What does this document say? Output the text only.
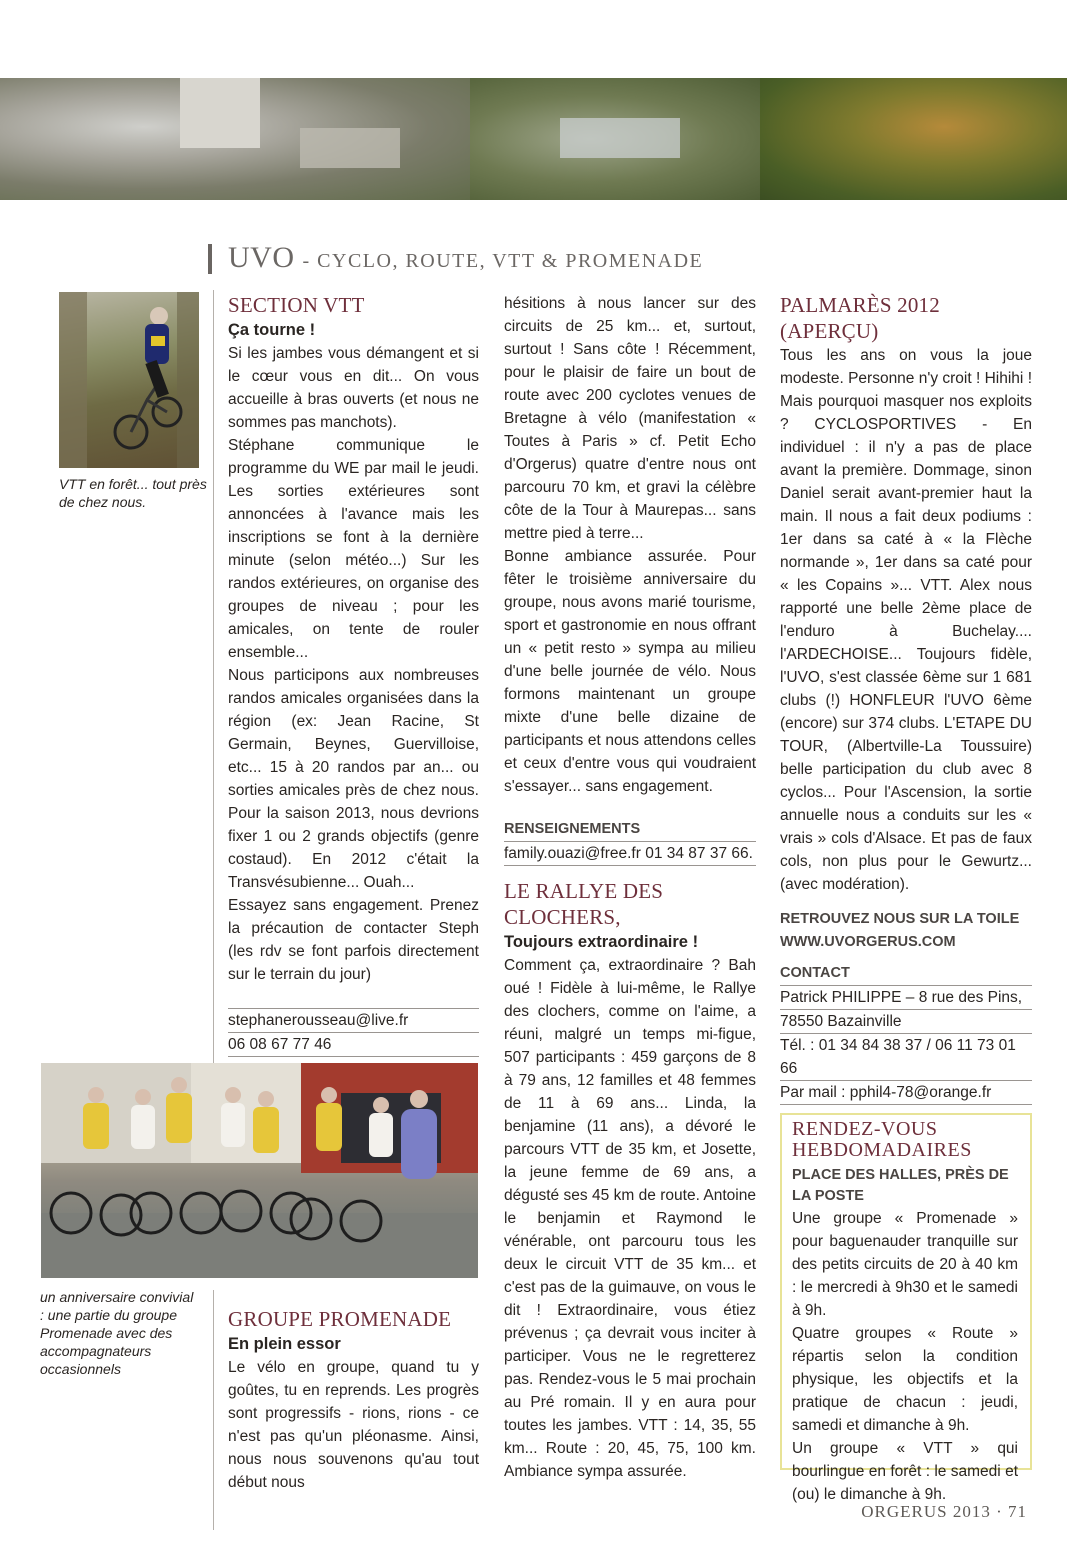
UVO - CYCLO, ROUTE, VTT & PROMENADE
VTT en forêt... tout près de chez nous.
un anniversaire convivial : une partie du groupe Promenade avec des accompagnateurs occasionnels
SECTION VTT
Ça tourne !

Si les jambes vous démangent et si le cœur vous en dit... On vous accueille à bras ouverts (et nous ne sommes pas manchots).

Stéphane communique le programme du WE par mail le jeudi. Les sorties extérieures sont annoncées à l'avance mais les inscriptions se font à la dernière minute (selon météo...) Sur les randos extérieures, on organise des groupes de niveau ; pour les amicales, on tente de rouler ensemble...

Nous participons aux nombreuses randos amicales organisées dans la région (ex: Jean Racine, St Germain, Beynes, Guervilloise, etc... 15 à 20 randos par an... ou sorties amicales près de chez nous. Pour la saison 2013, nous devrions fixer 1 ou 2 grands objectifs (genre costaud). En 2012 c'était la Transvésubienne... Ouah...

Essayez sans engagement. Prenez la précaution de contacter Steph (les rdv se font parfois directement sur le terrain du jour)

stephanerousseau@live.fr
06 08 67 77 46
GROUPE PROMENADE
En plein essor

Le vélo en groupe, quand tu y goûtes, tu en reprends. Les progrès sont progressifs - rions, rions - ce n'est pas qu'un pléonasme. Ainsi, nous nous souvenons qu'au tout début nous

hésitions à nous lancer sur des circuits de 25 km... et, surtout, surtout ! Sans côte ! Récemment, pour le plaisir de faire un bout de route avec 200 cyclotes venues de Bretagne à vélo (manifestation « Toutes à Paris » cf. Petit Echo d'Orgerus) quatre d'entre nous ont parcouru 70 km, et gravi la célèbre côte de la Tour à Maurepas... sans mettre pied à terre...

Bonne ambiance assurée. Pour fêter le troisième anniversaire du groupe, nous avons marié tourisme, sport et gastronomie en nous offrant un « petit resto » sympa au milieu d'une belle journée de vélo. Nous formons maintenant un groupe mixte d'une belle dizaine de participants et nous attendons celles et ceux d'entre vous qui voudraient s'essayer... sans engagement.

RENSEIGNEMENTS
family.ouazi@free.fr 01 34 87 37 66.
LE RALLYE DES CLOCHERS,
Toujours extraordinaire !

Comment ça, extraordinaire ? Bah oué ! Fidèle à lui-même, le Rallye des clochers, comme on l'aime, a réuni, malgré un temps mi-figue, 507 participants : 459 garçons de 8 à 79 ans, 12 familles et 48 femmes de 11 à 69 ans... Linda, la benjamine (11 ans), a dévoré le parcours VTT de 35 km, et Josette, la jeune femme de 69 ans, a dégusté ses 45 km de route. Antoine le benjamin et Raymond le vénérable, ont parcouru tous les deux le circuit VTT de 35 km... et c'est pas de la guimauve, on vous le dit ! Extraordinaire, vous étiez prévenus ; ça devrait vous inciter à participer. Vous ne le regretterez pas. Rendez-vous le 5 mai prochain au Pré romain. Il y en aura pour toutes les jambes. VTT : 14, 35, 55 km... Route : 20, 45, 75, 100 km. Ambiance sympa assurée.

PALMARÈS 2012 (APERÇU)

Tous les ans on vous la joue modeste. Personne n'y croit ! Hihihi ! Mais pourquoi masquer nos exploits ? CYCLOSPORTIVES - En individuel : il n'y a pas de place avant la première. Dommage, sinon Daniel serait avant-premier haut la main. Il nous a fait deux podiums : 1er dans sa caté à « la Flèche normande », 1er dans sa caté pour « les Copains »... VTT. Alex nous rapporté une belle 2ème place de l'enduro à Buchelay.... l'ARDECHOISE... Toujours fidèle, l'UVO, s'est classée 6ème sur 1 681 clubs (!) HONFLEUR l'UVO 6ème (encore) sur 374 clubs. L'ETAPE DU TOUR, (Albertville-La Toussuire) belle participation du club avec 8 cyclos... Pour l'Ascension, la sortie annuelle nous a conduits sur les « vrais » cols d'Alsace. Et pas de faux cols, non plus pour le Gewurtz... (avec modération).

RETROUVEZ NOUS SUR LA TOILE
WWW.UVORGERUS.COM
CONTACT
Patrick PHILIPPE – 8 rue des Pins,
78550 Bazainville
Tél. : 01 34 84 38 37 / 06 11 73 01 66
Par mail : pphil4-78@orange.fr
RENDEZ-VOUS
HEBDOMADAIRES
PLACE DES HALLES, PRÈS DE LA POSTE

Une groupe « Promenade » pour baguenauder tranquille sur des petits circuits de 20 à 40 km : le mercredi à 9h30 et le samedi à 9h.

Quatre groupes « Route » répartis selon la condition physique, les objectifs et la pratique de chacun : jeudi, samedi et dimanche à 9h.

Un groupe « VTT » qui bourlingue en forêt : le samedi et (ou) le dimanche à 9h.

ORGERUS 2013 · 71
